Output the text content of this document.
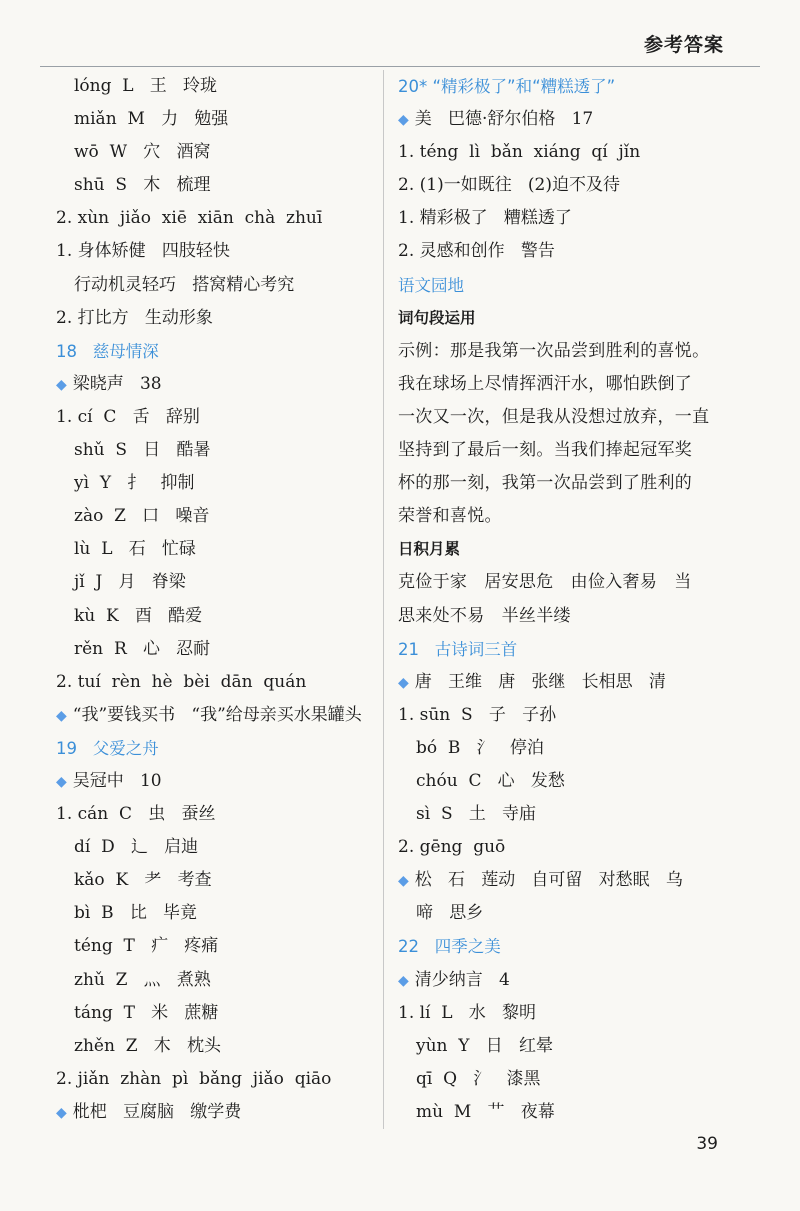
参考答案
lóng  L   王   玲珑
miǎn  M   力   勉强
wō  W   穴   酒窝
shū  S   木   梳理
2. xùn  jiǎo  xiē  xiān  chà  zhuī
1. 身体矫健   四肢轻快
行动机灵轻巧   搭窝精心考究
2. 打比方   生动形象
18   慈母情深
◆ 梁晓声   38
1. cí  C   舌   辞别
shǔ  S   日   酷暑
yì  Y   扌   抑制
zào  Z   口   噪音
lù  L   石   忙碌
jǐ  J   月   脊梁
kù  K   酉   酷爱
rěn  R   心   忍耐
2. tuí  rèn  hè  bèi  dān  quán
◆ “我”要钱买书   “我”给母亲买水果罐头
19   父爱之舟
◆ 吴冠中   10
1. cán  C   虫   蚕丝
dí  D   辶   启迪
kǎo  K   耂   考查
bì  B   比   毕竟
téng  T   疒   疼痛
zhǔ  Z   灬   煮熟
táng  T   米   蔗糖
zhěn  Z   木   枕头
2. jiǎn  zhàn  pì  bǎng  jiǎo  qiāo
◆ 枇杷   豆腐脑   缴学费
20* “精彩极了”和“糟糕透了”
◆ 美   巴德·舒尔伯格   17
1. téng  lì  bǎn  xiáng  qí  jǐn
2. (1)一如既往   (2)迫不及待
1. 精彩极了   糟糕透了
2. 灵感和创作   警告
语文园地
词句段运用
示例：那是我第一次品尝到胜利的喜悦。
我在球场上尽情挥洒汗水，哪怕跌倒了
一次又一次，但是我从没想过放弃，一直
坚持到了最后一刻。当我们捧起冠军奖
杯的那一刻，我第一次品尝到了胜利的
荣誉和喜悦。
日积月累
克俭于家   居安思危   由俭入奢易   当
思来处不易   半丝半缕
21   古诗词三首
◆ 唐   王维   唐   张继   长相思   清
1. sūn  S   子   子孙
bó  B   氵   停泊
chóu  C   心   发愁
sì  S   土   寺庙
2. gēng  guō
◆ 松   石   莲动   自可留   对愁眠   乌
啼   思乡
22   四季之美
◆ 清少纳言   4
1. lí  L   水   黎明
yùn  Y   日   红晕
qī  Q   氵   漆黑
mù  M   艹   夜幕
39
